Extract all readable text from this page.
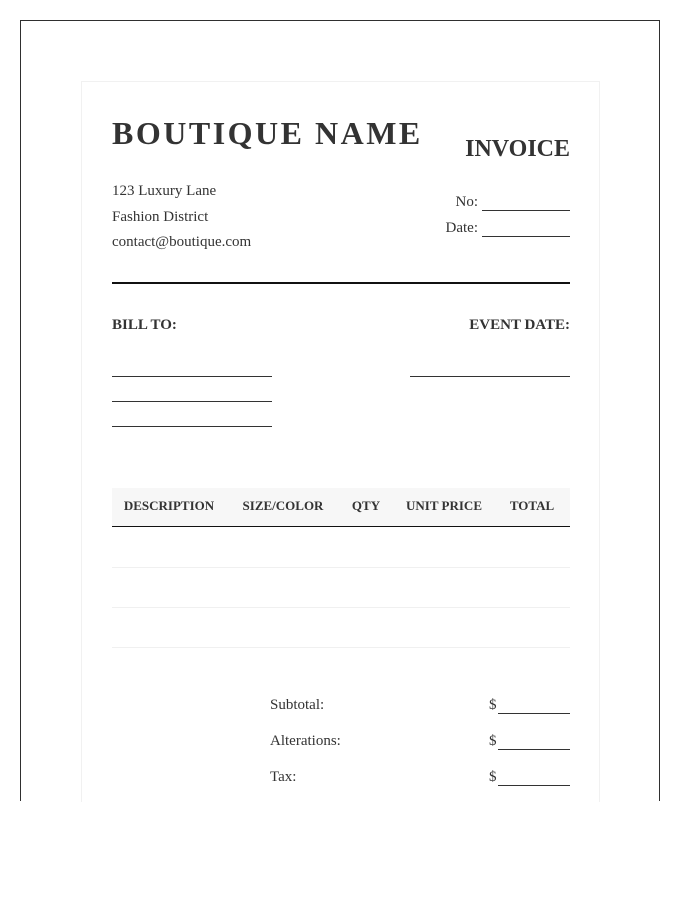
BOUTIQUE NAME INVOICE
123 Luxury Lane
Fashion District
contact@boutique.com
No:
Date:
BILL TO:	EVENT DATE:
DESCRIPTION	SIZE/COLOR	QTY	UNIT PRICE	TOTAL
Subtotal:	$
Alterations:	$
Tax:	$
